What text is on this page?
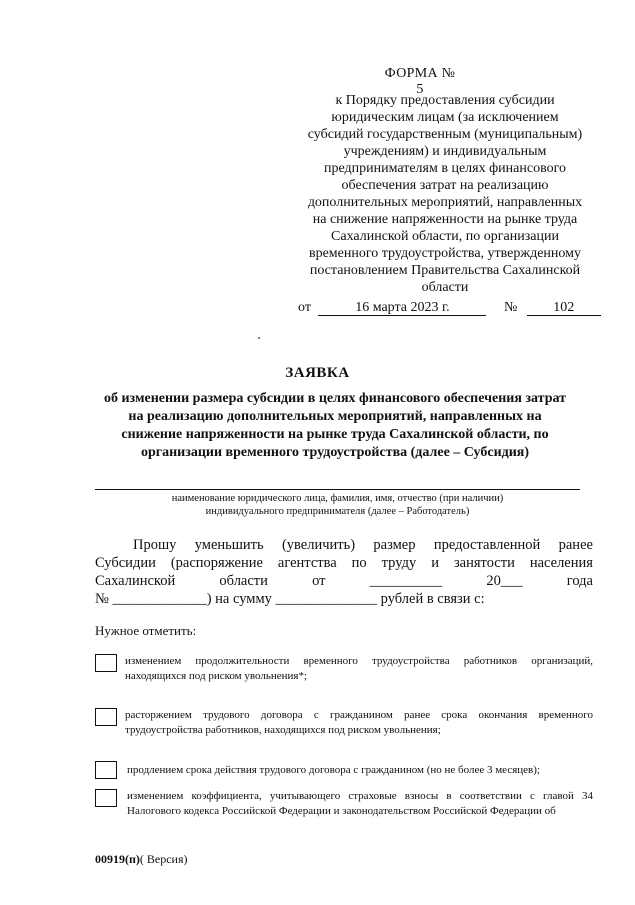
ФОРМА № 5
к Порядку предоставления субсидии
юридическим лицам (за исключением
субсидий государственным (муниципальным)
учреждениям) и индивидуальным
предпринимателям в целях финансового
обеспечения затрат на реализацию
дополнительных мероприятий, направленных
на снижение напряженности на рынке труда
Сахалинской области, по организации
временного трудоустройства, утвержденному
постановлением Правительства Сахалинской
области
от	16 марта 2023 г.	№	102
ЗАЯВКА
об изменении размера субсидии в целях финансового обеспечения затрат
на реализацию дополнительных мероприятий, направленных на
снижение напряженности на рынке труда Сахалинской области, по
организации временного трудоустройства (далее – Субсидия)
наименование юридического лица, фамилия, имя, отчество (при наличии)
индивидуального предпринимателя (далее – Работодатель)
Прошу уменьшить (увеличить) размер предоставленной ранее
Субсидии (распоряжение агентства по труду и занятости населения
Сахалинской	области	от	__________	20___	года
№ _____________) на сумму ______________ рублей в связи с:
Нужное отметить:
изменением продолжительности временного трудоустройства работников организаций, находящихся под риском увольнения*;
расторжением трудового договора с гражданином ранее срока окончания временного трудоустройства работников, находящихся под риском увольнения;
продлением срока действия трудового договора с гражданином (но не более 3 месяцев);
изменением коэффициента, учитывающего страховые взносы в соответствии с главой 34 Налогового кодекса Российской Федерации и законодательством Российской Федерации об
00919(п)( Версия)
